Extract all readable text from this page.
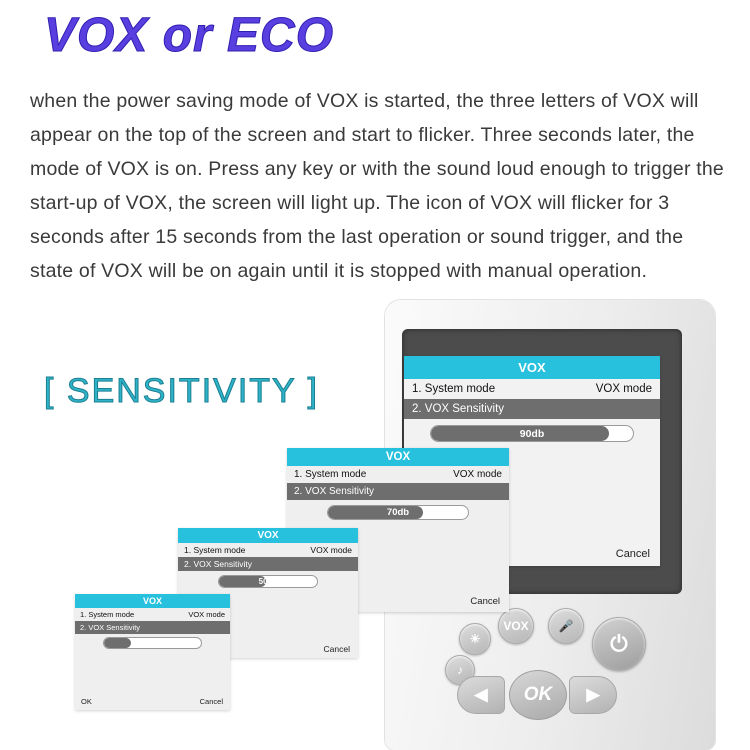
VOX or ECO
when the power saving mode of VOX is started, the three letters of VOX will appear on the top of the screen and start to flicker. Three seconds later, the mode of VOX is on. Press any key or with the sound loud enough to trigger the start-up of VOX, the screen will light up. The icon of VOX will flicker for 3 seconds after 15 seconds from the last operation or sound trigger, and the state of VOX will be on again until it is stopped with manual operation.
[ SENSITIVITY ]
☀
♪
VOX 🎤
⏻
◀ OK ▶
VOX
1. System mode	VOX mode
2. VOX Sensitivity
90db
Cancel
VOX
1. System mode	VOX mode
2. VOX Sensitivity
70db
Cancel
VOX
1. System mode	VOX mode
2. VOX Sensitivity
50db
Cancel
VOX
1. System mode	VOX mode
2. VOX Sensitivity
30db
OK	Cancel
